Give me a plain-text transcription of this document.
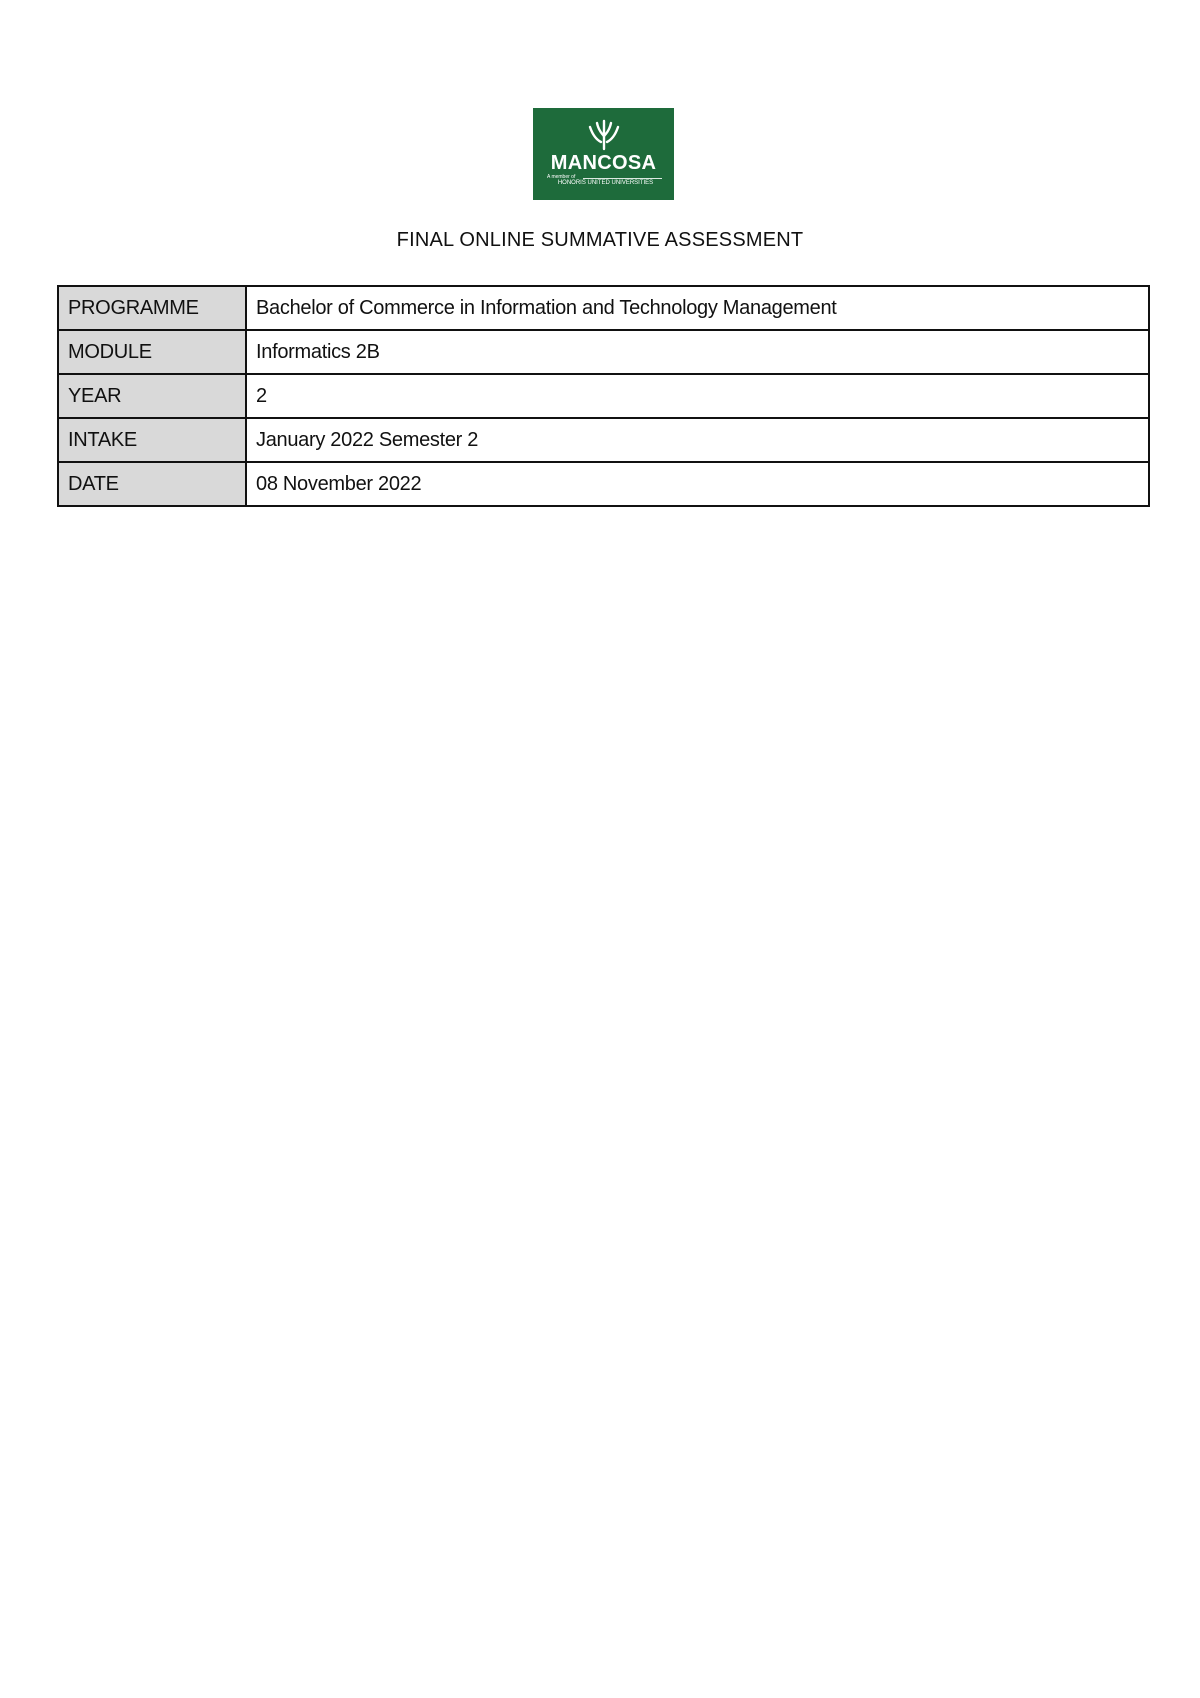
MANCOSA
A member of
HONORIS UNITED UNIVERSITIES
FINAL ONLINE SUMMATIVE ASSESSMENT
PROGRAMME	Bachelor of Commerce in Information and Technology Management
MODULE	Informatics 2B
YEAR	2
INTAKE	January 2022 Semester 2
DATE	08 November 2022
